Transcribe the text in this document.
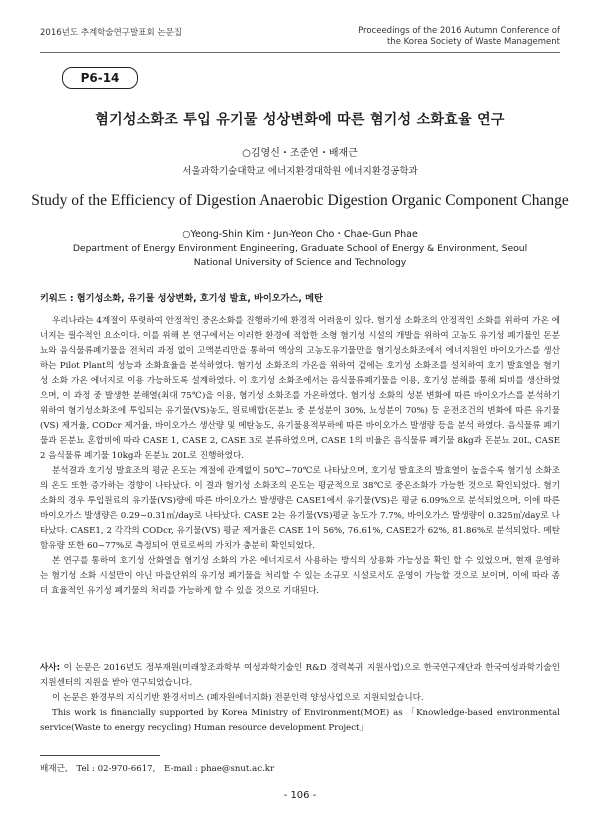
2016년도 추계학술연구발표회 논문집	Proceedings of the 2016 Autumn Conference of
the Korea Society of Waste Management
P6-14
혐기성소화조 투입 유기물 성상변화에 따른 혐기성 소화효율 연구
○김영신・조준연・배재근
서울과학기술대학교 에너지환경대학원 에너지환경공학과
Study of the Efficiency of Digestion Anaerobic Digestion Organic Component Change
○Yeong-Shin Kim・Jun-Yeon Cho・Chae-Gun Phae
Department of Energy Environment Engineering, Graduate School of Energy & Environment, Seoul National University of Science and Technology
키워드 : 혐기성소화, 유기물 성상변화, 호기성 발효, 바이오가스, 메탄

우리나라는 4계절이 뚜렷하여 안정적인 중온소화를 진행하기에 환경적 어려움이 있다. 혐기성 소화조의 안정적인 소화를 위하여 가온 에너지는 필수적인 요소이다. 이를 위해 본 연구에서는 이러한 환경에 적합한 소형 혐기성 시설의 개발을 위하여 고농도 유기성 폐기물인 돈분뇨와 음식물류폐기물을 전처리 과정 없이 고액분리만을 통하여 액상의 고농도유기물만을 혐기성소화조에서 에너지원인 바이오가스를 생산하는 Pilot Plant의 성능과 소화효율을 분석하였다. 혐기성 소화조의 가온을 위하여 겉에는 호기성 소화조를 설치하여 호기 발효열을 혐기성 소화 가온 에너지로 이용 가능하도록 설계하였다. 이 호기성 소화조에서는 음식물류폐기물을 이용, 호기성 분해를 통해 퇴비를 생산하였으며, 이 과정 중 발생한 분해열(최대 75℃)을 이용, 혐기성 소화조를 가온하였다. 혐기성 소화의 성분 변화에 따른 바이오가스를 분석하기 위하여 혐기성소화조에 투입되는 유기물(VS)농도, 원료배합(돈분뇨 중 분성분이 30%, 뇨성분이 70%) 등 운전조건의 변화에 따른 유기물(VS) 제거율, CODcr 제거율, 바이오가스 생산량 및 메탄농도, 유기물용적부하에 따른 바이오가스 발생량 등을 분석 하였다. 음식물류 폐기물과 돈분뇨 혼합비에 따라 CASE 1, CASE 2, CASE 3로 분류하였으며, CASE 1의 비율은 음식물류 폐기물 8kg과 돈분뇨 20L, CASE 2 음식물류 폐기물 10kg과 돈분뇨 20L로 진행하였다.

분석결과 호기성 발효조의 평균 온도는 계절에 관계없이 50℃~70℃로 나타났으며, 호기성 발효조의 발효열이 높을수록 혐기성 소화조의 온도 또한 증가하는 경향이 나타났다. 이 결과 혐기성 소화조의 온도는 평균적으로 38℃로 중온소화가 가능한 것으로 확인되었다. 혐기 소화의 경우 투입원료의 유기물(VS)량에 따른 바이오가스 발생량은 CASE1에서 유기물(VS)은 평균 6.09%으로 분석되었으며, 이에 따른 바이오가스 발생량은 0.29~0.31㎥/day로 나타났다. CASE 2는 유기물(VS)평균 농도가 7.7%, 바이오가스 발생량이 0.325㎥/day로 나타났다. CASE1, 2 각각의 CODcr, 유기물(VS) 평균 제거율은 CASE 1이 56%, 76.61%, CASE2가 62%, 81.86%로 분석되었다. 메탄 함유량 또한 60~77%로 측정되어 연료로써의 가치가 충분히 확인되었다.

본 연구를 통하여 호기성 산화열을 혐기성 소화의 가온 에너지로서 사용하는 방식의 상용화 가능성을 확인 할 수 있었으며, 현재 운영하는 혐기성 소화 시설만이 아닌 마을단위의 유기성 폐기물을 처리할 수 있는 소규모 시설로서도 운영이 가능할 것으로 보이며, 이에 따라 좀 더 효율적인 유기성 폐기물의 처리를 가능하게 할 수 있을 것으로 기대된다.

사사: 이 논문은 2016년도 정부재원(미래창조과학부 여성과학기술인 R&D 경력복귀 지원사업)으로 한국연구재단과 한국여성과학기술인지원센터의 지원을 받아 연구되었습니다.

이 논문은 환경부의 지식기반 환경서비스 (폐자원에너지화) 전문인력 양성사업으로 지원되었습니다.

This work is financially supported by Korea Ministry of Environment(MOE) as 「Knowledge-based environmental service(Waste to energy recycling) Human resource development Project」

배재근, Tel : 02-970-6617, E-mail : phae@snut.ac.kr
- 106 -
